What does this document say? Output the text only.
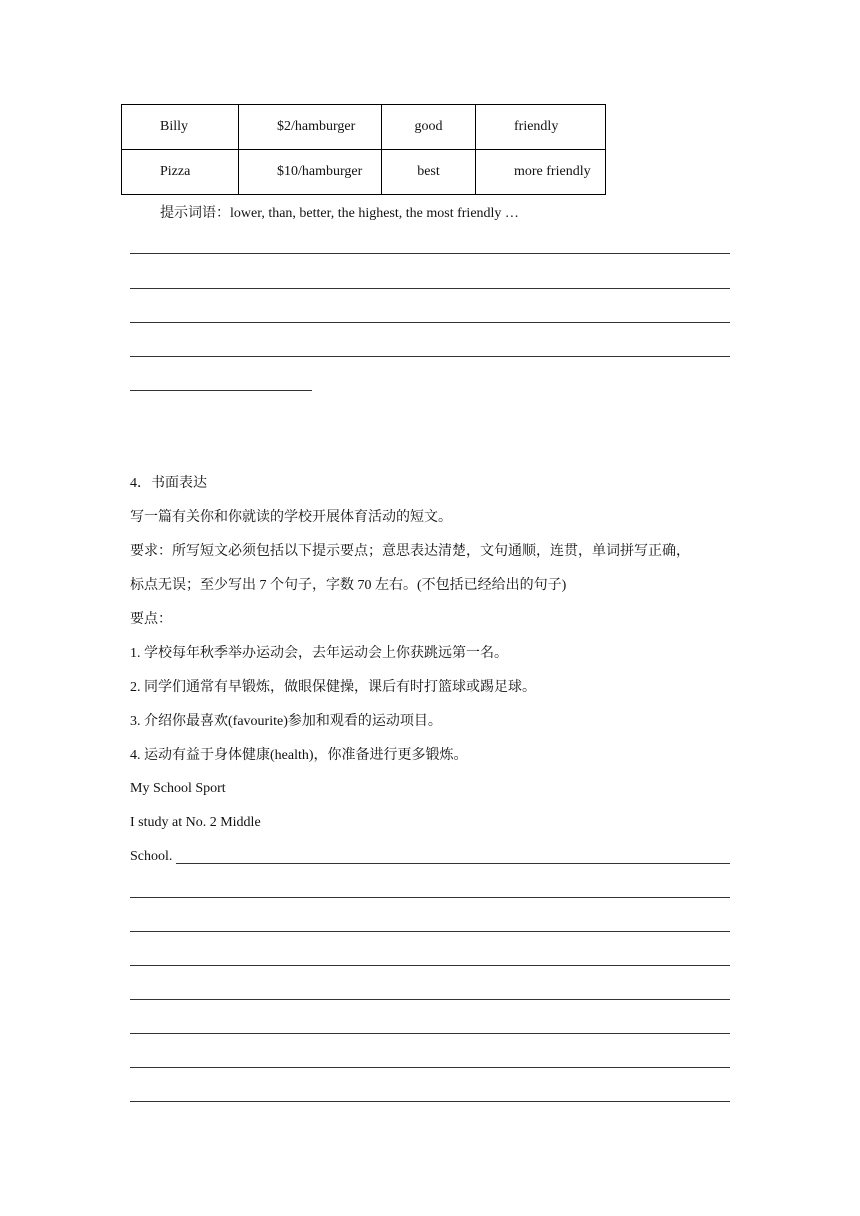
Billy	$2/hamburger	good	friendly
Pizza	$10/hamburger	best	more friendly
提示词语：lower, than, better, the highest, the most friendly …
4．书面表达
写一篇有关你和你就读的学校开展体育活动的短文。
要求：所写短文必须包括以下提示要点；意思表达清楚，文句通顺，连贯，单词拼写正确，
标点无误；至少写出 7 个句子，字数 70 左右。(不包括已经给出的句子)
要点：
1. 学校每年秋季举办运动会，去年运动会上你获跳远第一名。
2. 同学们通常有早锻炼，做眼保健操，课后有时打篮球或踢足球。
3. 介绍你最喜欢(favourite)参加和观看的运动项目。
4. 运动有益于身体健康(health)，你准备进行更多锻炼。
My School Sport
I study at No. 2 Middle
School.
